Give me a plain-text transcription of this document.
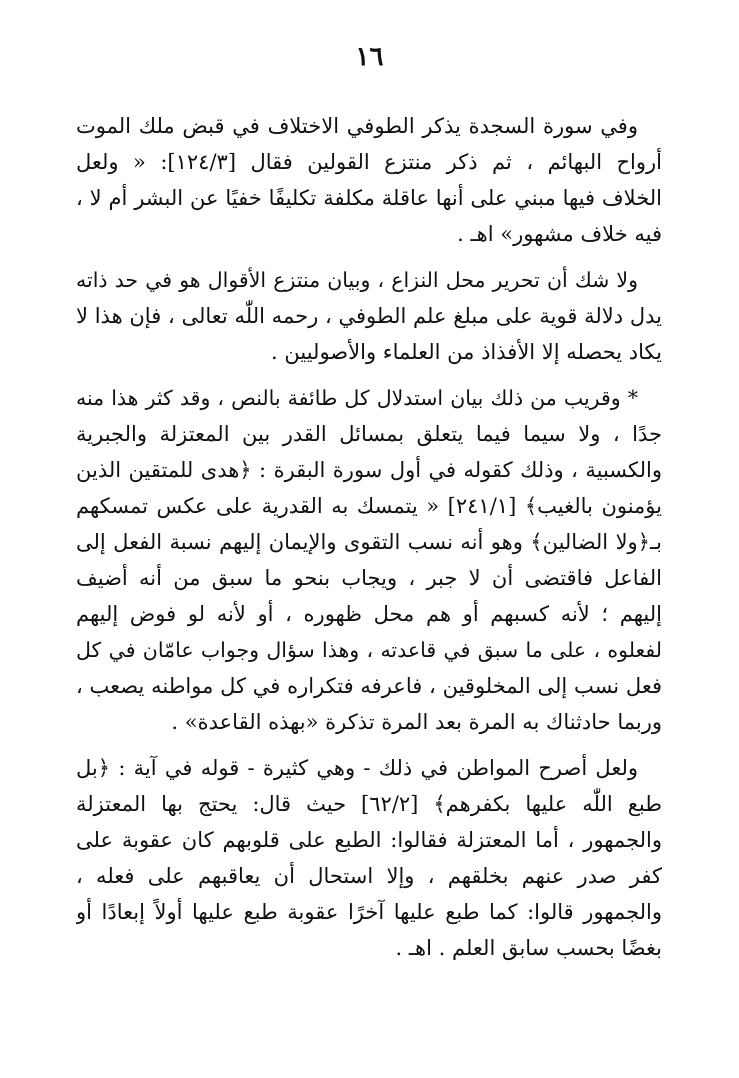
١٦
وفي سورة السجدة يذكر الطوفي الاختلاف في قبض ملك الموت
أرواح البهائم ، ثم ذكر منتزع القولين فقال [١٢٤/٣]: « ولعل
الخلاف فيها مبني على أنها عاقلة مكلفة تكليفًا خفيًا عن البشر أم لا ،
فيه خلاف مشهور» اهـ .
ولا شك أن تحرير محل النزاع ، وبيان منتزع الأقوال هو في حد ذاته
يدل دلالة قوية على مبلغ علم الطوفي ، رحمه اللّٰه تعالى ، فإن هذا لا
يكاد يحصله إلا الأفذاذ من العلماء والأصوليين .
* وقريب من ذلك بيان استدلال كل طائفة بالنص ، وقد كثر هذا منه
جدًا ، ولا سيما فيما يتعلق بمسائل القدر بين المعتزلة والجبرية
والكسبية ، وذلك كقوله في أول سورة البقرة : ﴿هدى للمتقين الذين
يؤمنون بالغيب﴾ [٢٤١/١] « يتمسك به القدرية على عكس تمسكهم
بـ﴿ولا الضالين﴾ وهو أنه نسب التقوى والإيمان إليهم نسبة الفعل إلى
الفاعل فاقتضى أن لا جبر ، ويجاب بنحو ما سبق من أنه أضيف
إليهم ؛ لأنه كسبهم أو هم محل ظهوره ، أو لأنه لو فوض إليهم
لفعلوه ، على ما سبق في قاعدته ، وهذا سؤال وجواب عامّان في كل
فعل نسب إلى المخلوقين ، فاعرفه فتكراره في كل مواطنه يصعب ،
وربما حادثناك به المرة بعد المرة تذكرة «بهذه القاعدة» .
ولعل أصرح المواطن في ذلك - وهي كثيرة - قوله في آية : ﴿بل
طبع اللّٰه عليها بكفرهم﴾ [٦٢/٢] حيث قال: يحتج بها المعتزلة
والجمهور ، أما المعتزلة فقالوا: الطبع على قلوبهم كان عقوبة على
كفر صدر عنهم بخلقهم ، وإلا استحال أن يعاقبهم على فعله ،
والجمهور قالوا: كما طبع عليها آخرًا عقوبة طبع عليها أولاً إبعادًا أو
بغضًا بحسب سابق العلم . اهـ .
